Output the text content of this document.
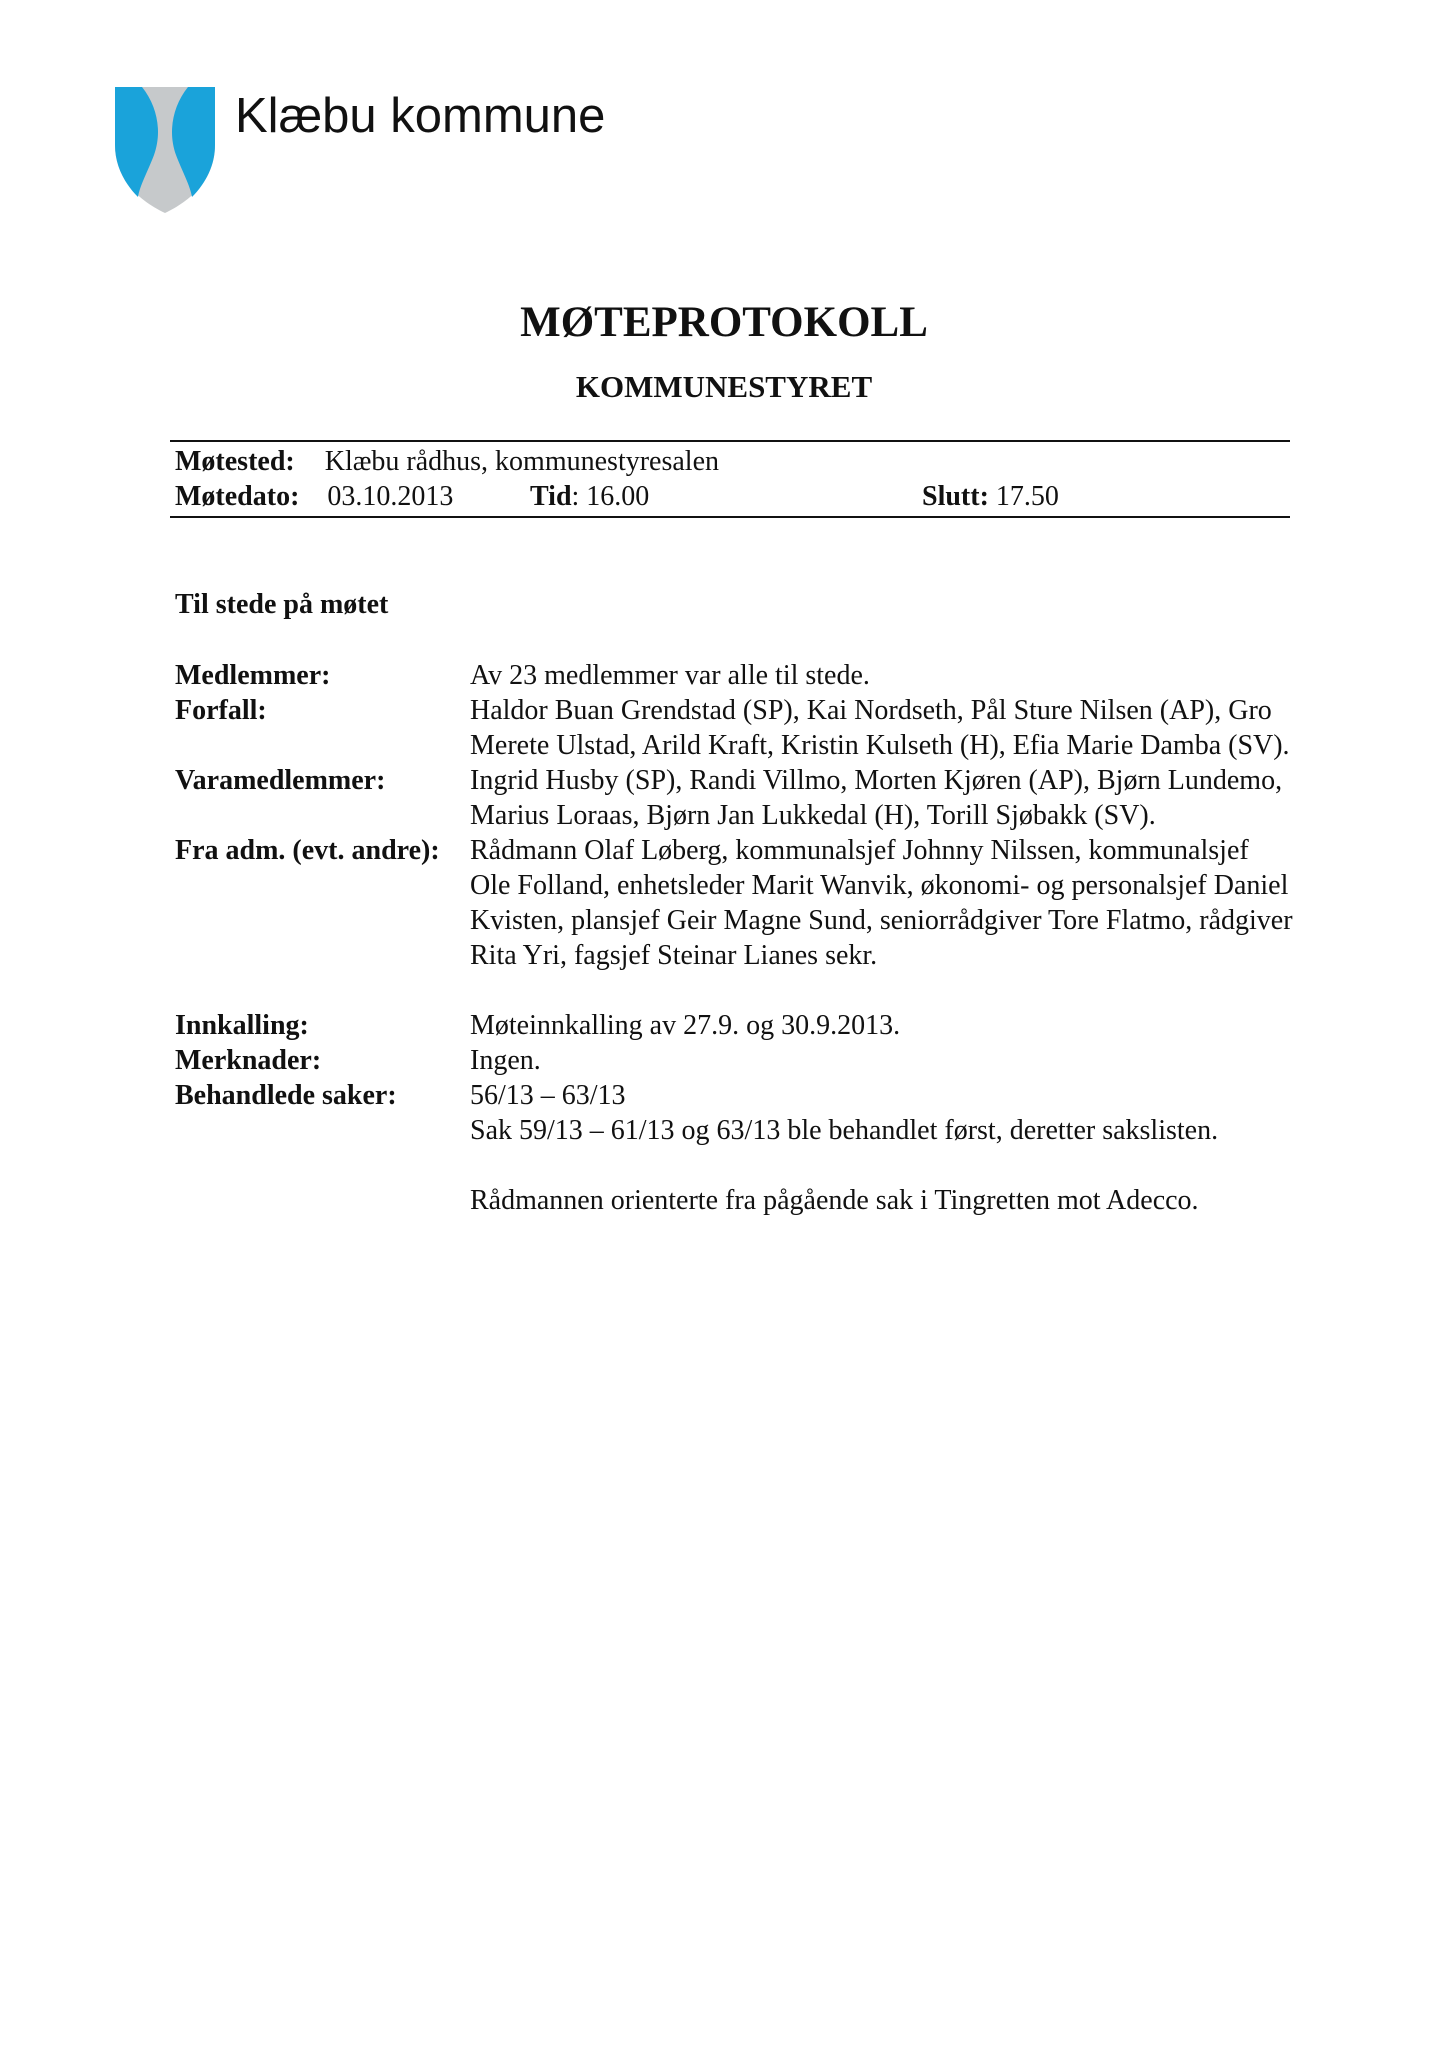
Klæbu kommune
MØTEPROTOKOLL
KOMMUNESTYRET
Møtested: Klæbu rådhus, kommunestyresalen
Møtedato: 03.10.2013	Tid: 16.00	Slutt: 17.50
Til stede på møtet
Medlemmer:	Av 23 medlemmer var alle til stede.
Forfall:	Haldor Buan Grendstad (SP), Kai Nordseth, Pål Sture Nilsen (AP), Gro Merete Ulstad, Arild Kraft, Kristin Kulseth (H), Efia Marie Damba (SV).
Varamedlemmer:	Ingrid Husby (SP), Randi Villmo, Morten Kjøren (AP), Bjørn Lundemo, Marius Loraas, Bjørn Jan Lukkedal (H), Torill Sjøbakk (SV).
Fra adm. (evt. andre):	Rådmann Olaf Løberg, kommunalsjef Johnny Nilssen, kommunalsjef Ole Folland, enhetsleder Marit Wanvik, økonomi- og personalsjef Daniel Kvisten, plansjef Geir Magne Sund, seniorrådgiver Tore Flatmo, rådgiver Rita Yri, fagsjef Steinar Lianes sekr.
Innkalling:	Møteinnkalling av 27.9. og 30.9.2013.
Merknader:	Ingen.
Behandlede saker:	56/13 – 63/13
Sak 59/13 – 61/13 og 63/13 ble behandlet først, deretter sakslisten.
Rådmannen orienterte fra pågående sak i Tingretten mot Adecco.
